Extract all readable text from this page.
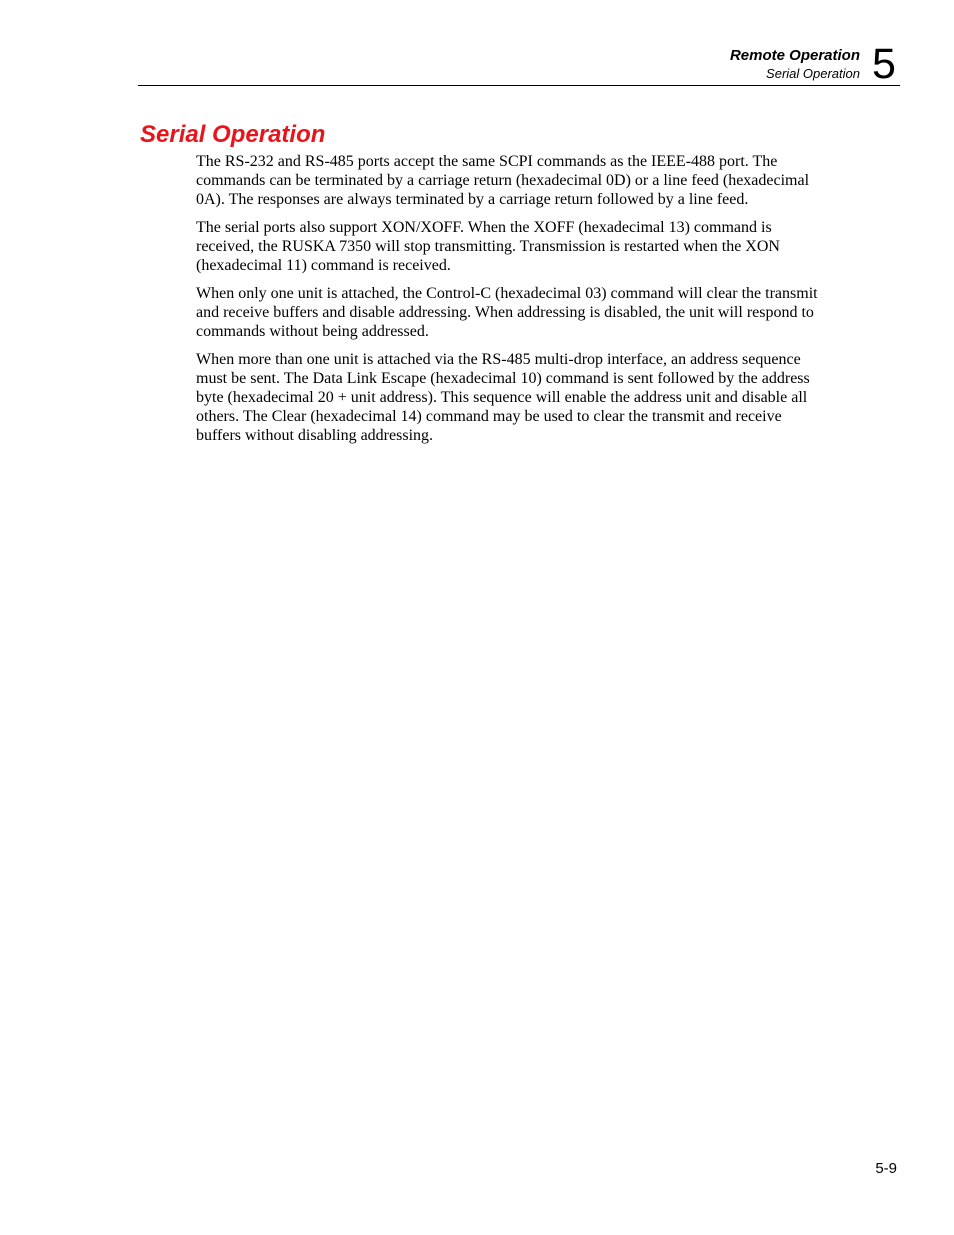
Remote Operation
Serial Operation 5
Serial Operation

The RS-232 and RS-485 ports accept the same SCPI commands as the IEEE-488 port. The commands can be terminated by a carriage return (hexadecimal 0D) or a line feed (hexadecimal 0A). The responses are always terminated by a carriage return followed by a line feed.

The serial ports also support XON/XOFF. When the XOFF (hexadecimal 13) command is received, the RUSKA 7350 will stop transmitting. Transmission is restarted when the XON (hexadecimal 11) command is received.

When only one unit is attached, the Control-C (hexadecimal 03) command will clear the transmit and receive buffers and disable addressing. When addressing is disabled, the unit will respond to commands without being addressed.

When more than one unit is attached via the RS-485 multi-drop interface, an address sequence must be sent. The Data Link Escape (hexadecimal 10) command is sent followed by the address byte (hexadecimal 20 + unit address). This sequence will enable the address unit and disable all others. The Clear (hexadecimal 14) command may be used to clear the transmit and receive buffers without disabling addressing.

5-9
